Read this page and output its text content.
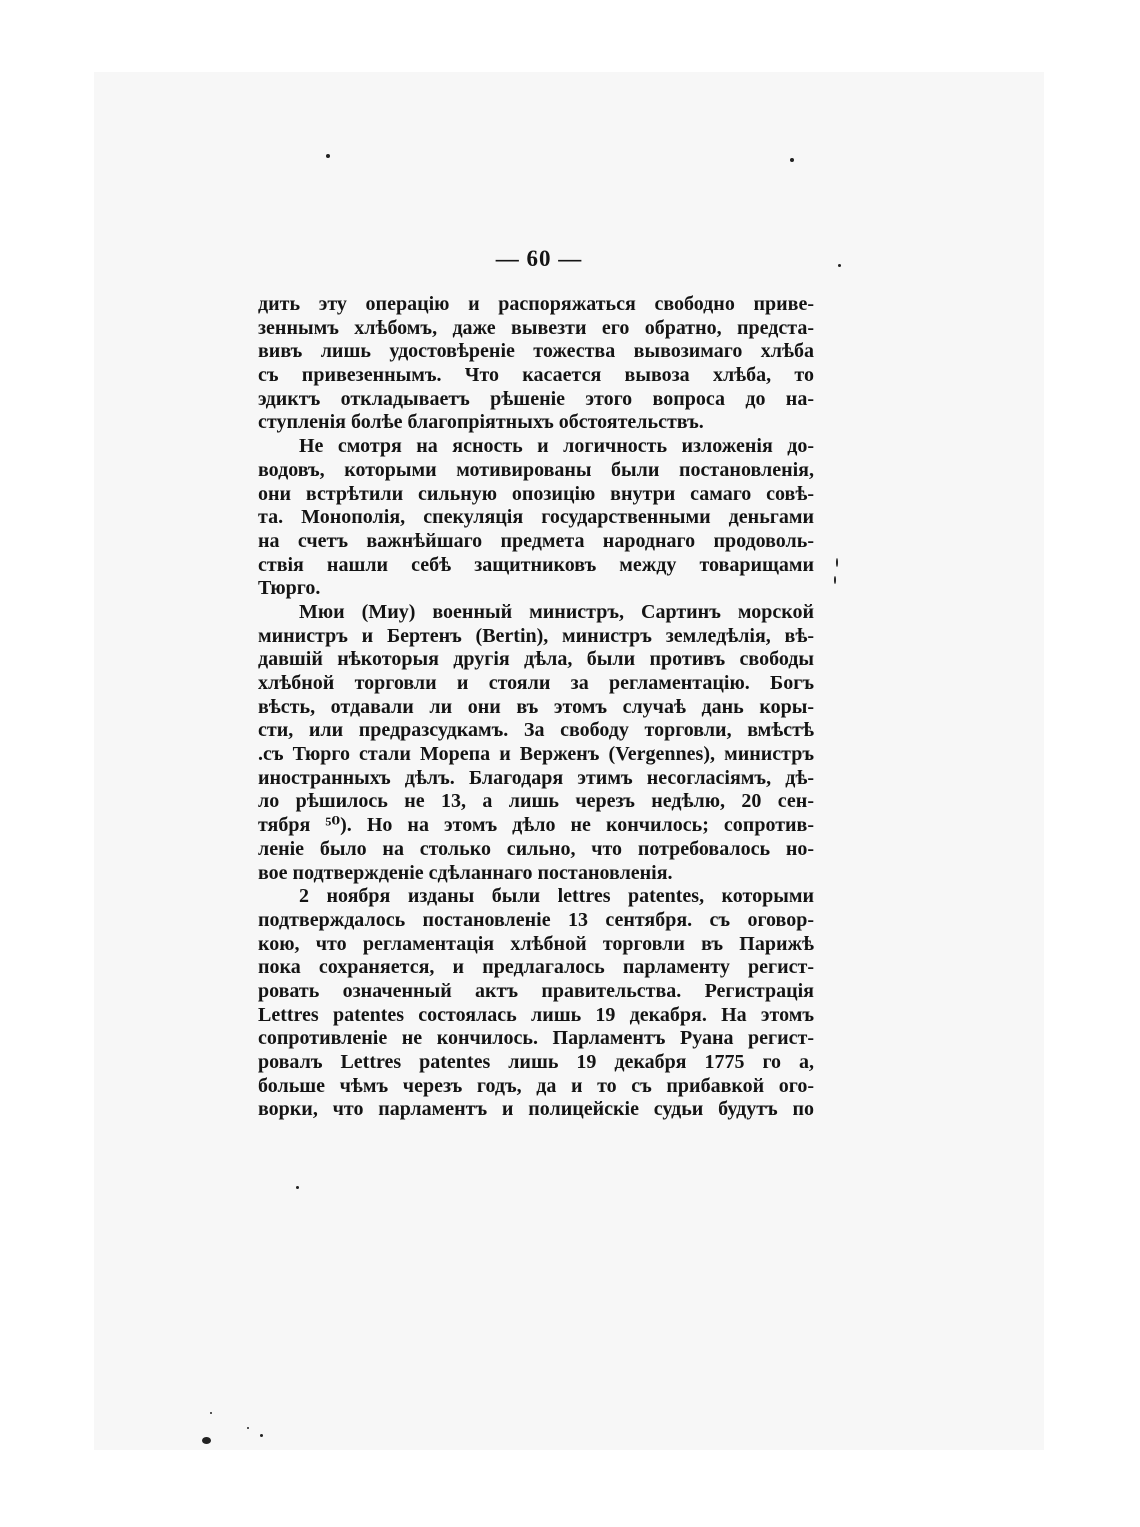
— 60 —
дить эту операцію и распоряжаться свободно привe-
зеннымъ хлѣбомъ, даже вывезти его обратно, предста-
вивъ лишь удостовѣреніе тожества вывозимаго хлѣба
съ привезеннымъ. Что касается вывоза хлѣба, то
эдиктъ откладываетъ рѣшеніе этого вопроса до на-
ступленія болѣе благопріятныхъ обстоятельствъ.
Не смотря на ясность и логичность изложенія до-
водовъ, которыми мотивированы были постановленія,
они встрѣтили сильную опозицію внутри самаго совѣ-
та. Монополія, спекуляція государственными деньгами
на счетъ важнѣйшаго предмета народнаго продоволь-
ствія нашли себѣ защитниковъ между товарищами
Тюрго.
Мюи (Миу) военный министръ, Сартинъ морской
министръ и Бертенъ (Bertin), министръ земледѣлія, вѣ-
давшій нѣкоторыя другія дѣла, были противъ свободы
хлѣбной торговли и стояли за регламентацію. Богъ
вѣсть, отдавали ли они въ этомъ случаѣ дань коры-
сти, или предразсудкамъ. За свободу торговли, вмѣстѣ
.съ Тюрго стали Морепа и Верженъ (Vergennes), министръ
иностранныхъ дѣлъ. Благодаря этимъ несогласіямъ, дѣ-
ло рѣшилось не 13, а лишь черезъ недѣлю, 20 сен-
тября ⁵⁰). Но на этомъ дѣло не кончилось; сопротив-
леніе было на столько сильно, что потребовалось но-
вое подтвержденіе сдѣланнаго постановленія.
2 ноября изданы были lettres patentes, которыми
подтверждалось постановленіе 13 сентября. съ оговор-
кою, что регламентація хлѣбной торговли въ Парижѣ
пока сохраняется, и предлагалось парламенту регист-
ровать означенный актъ правительства. Регистрація
Lettres patentes состоялась лишь 19 декабря. На этомъ
сопротивленіе не кончилось. Парламентъ Руана регист-
ровалъ Lettres patentes лишь 19 декабря 1775 го а,
больше чѣмъ черезъ годъ, да и то съ прибавкой ого-
ворки, что парламентъ и полицейскіе судьи будутъ по
